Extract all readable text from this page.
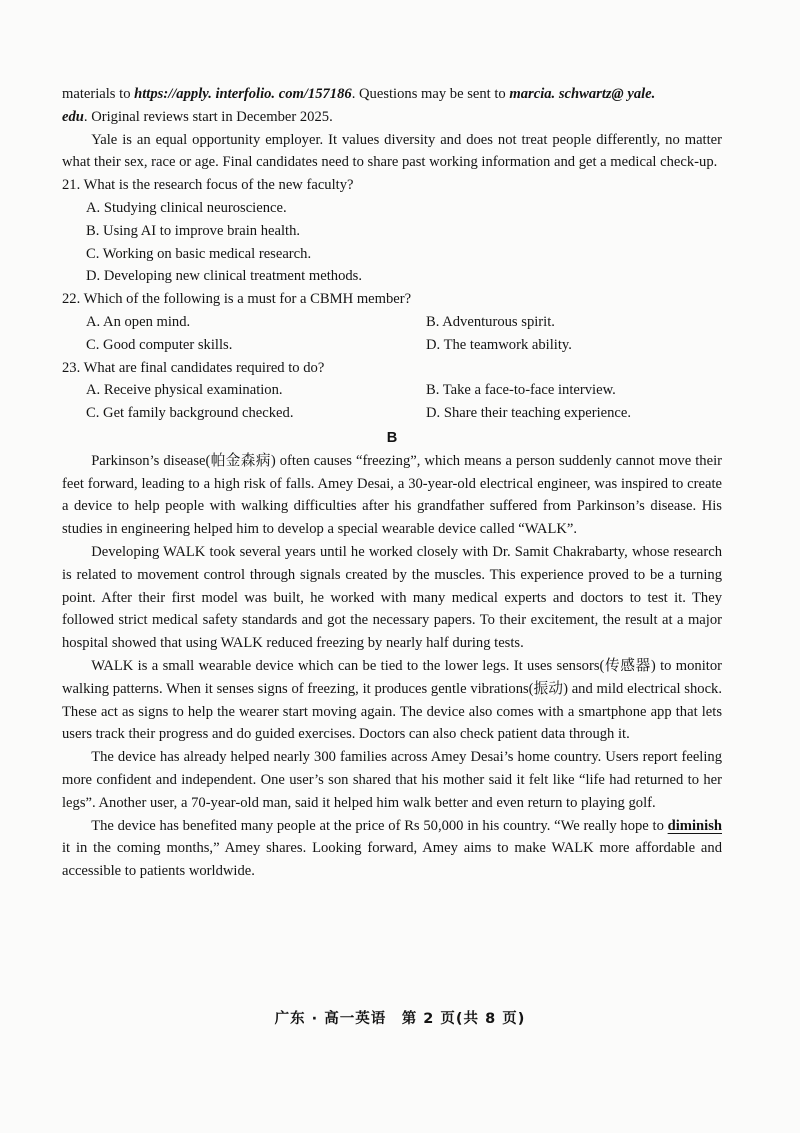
materials to https://apply. interfolio. com/157186. Questions may be sent to marcia. schwartz@ yale.
edu. Original reviews start in December 2025.

Yale is an equal opportunity employer. It values diversity and does not treat people differently, no matter what their sex, race or age. Final candidates need to share past working information and get a medical check-up.

21. What is the research focus of the new faculty?

A. Studying clinical neuroscience.
B. Using AI to improve brain health.
C. Working on basic medical research.
D. Developing new clinical treatment methods.

22. Which of the following is a must for a CBMH member?

A. An open mind.	B. Adventurous spirit.
C. Good computer skills.	D. The teamwork ability.

23. What are final candidates required to do?

A. Receive physical examination.	B. Take a face-to-face interview.
C. Get family background checked.	D. Share their teaching experience.
B

Parkinson’s disease(帕金森病) often causes “freezing”, which means a person suddenly cannot move their feet forward, leading to a high risk of falls. Amey Desai, a 30-year-old electrical engineer, was inspired to create a device to help people with walking difficulties after his grandfather suffered from Parkinson’s disease. His studies in engineering helped him to develop a special wearable device called “WALK”.

Developing WALK took several years until he worked closely with Dr. Samit Chakrabarty, whose research is related to movement control through signals created by the muscles. This experience proved to be a turning point. After their first model was built, he worked with many medical experts and doctors to test it. They followed strict medical safety standards and got the necessary papers. To their excitement, the result at a major hospital showed that using WALK reduced freezing by nearly half during tests.

WALK is a small wearable device which can be tied to the lower legs. It uses sensors(传感器) to monitor walking patterns. When it senses signs of freezing, it produces gentle vibrations(振动) and mild electrical shock. These act as signs to help the wearer start moving again. The device also comes with a smartphone app that lets users track their progress and do guided exercises. Doctors can also check patient data through it.

The device has already helped nearly 300 families across Amey Desai’s home country. Users report feeling more confident and independent. One user’s son shared that his mother said it felt like “life had returned to her legs”. Another user, a 70-year-old man, said it helped him walk better and even return to playing golf.

The device has benefited many people at the price of Rs 50,000 in his country. “We really hope to diminish it in the coming months,” Amey shares. Looking forward, Amey aims to make WALK more affordable and accessible to patients worldwide.

广东 · 高一英语　第 2 页(共 8 页)
